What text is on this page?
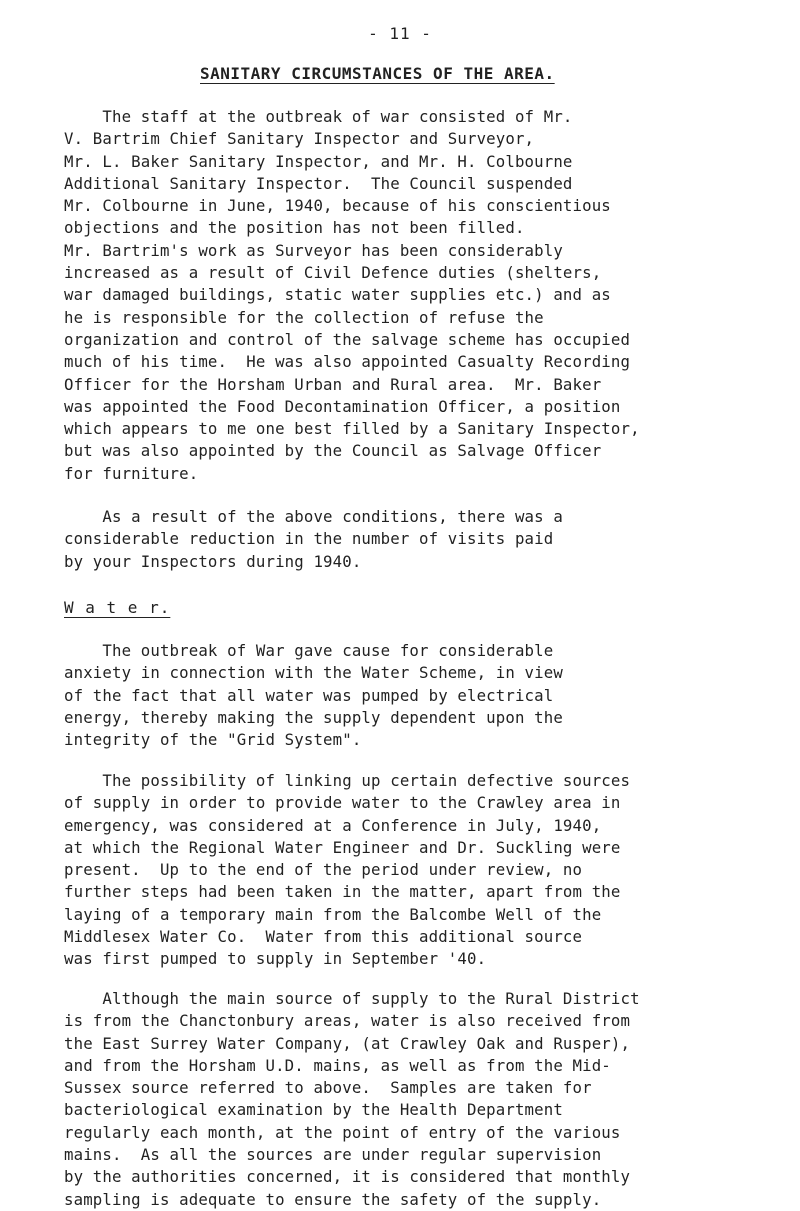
- 11 -
SANITARY CIRCUMSTANCES OF THE AREA.

The staff at the outbreak of war consisted of Mr.
V. Bartrim Chief Sanitary Inspector and Surveyor,
Mr. L. Baker Sanitary Inspector, and Mr. H. Colbourne
Additional Sanitary Inspector.  The Council suspended
Mr. Colbourne in June, 1940, because of his conscientious
objections and the position has not been filled.
Mr. Bartrim's work as Surveyor has been considerably
increased as a result of Civil Defence duties (shelters,
war damaged buildings, static water supplies etc.) and as
he is responsible for the collection of refuse the
organization and control of the salvage scheme has occupied
much of his time.  He was also appointed Casualty Recording
Officer for the Horsham Urban and Rural area.  Mr. Baker
was appointed the Food Decontamination Officer, a position
which appears to me one best filled by a Sanitary Inspector,
but was also appointed by the Council as Salvage Officer
for furniture.

As a result of the above conditions, there was a
considerable reduction in the number of visits paid
by your Inspectors during 1940.

W a t e r.

The outbreak of War gave cause for considerable
anxiety in connection with the Water Scheme, in view
of the fact that all water was pumped by electrical
energy, thereby making the supply dependent upon the
integrity of the "Grid System".

The possibility of linking up certain defective sources
of supply in order to provide water to the Crawley area in
emergency, was considered at a Conference in July, 1940,
at which the Regional Water Engineer and Dr. Suckling were
present.  Up to the end of the period under review, no
further steps had been taken in the matter, apart from the
laying of a temporary main from the Balcombe Well of the
Middlesex Water Co.  Water from this additional source
was first pumped to supply in September '40.

Although the main source of supply to the Rural District
is from the Chanctonbury areas, water is also received from
the East Surrey Water Company, (at Crawley Oak and Rusper),
and from the Horsham U.D. mains, as well as from the Mid-
Sussex source referred to above.  Samples are taken for
bacteriological examination by the Health Department
regularly each month, at the point of entry of the various
mains.  As all the sources are under regular supervision
by the authorities concerned, it is considered that monthly
sampling is adequate to ensure the safety of the supply.
